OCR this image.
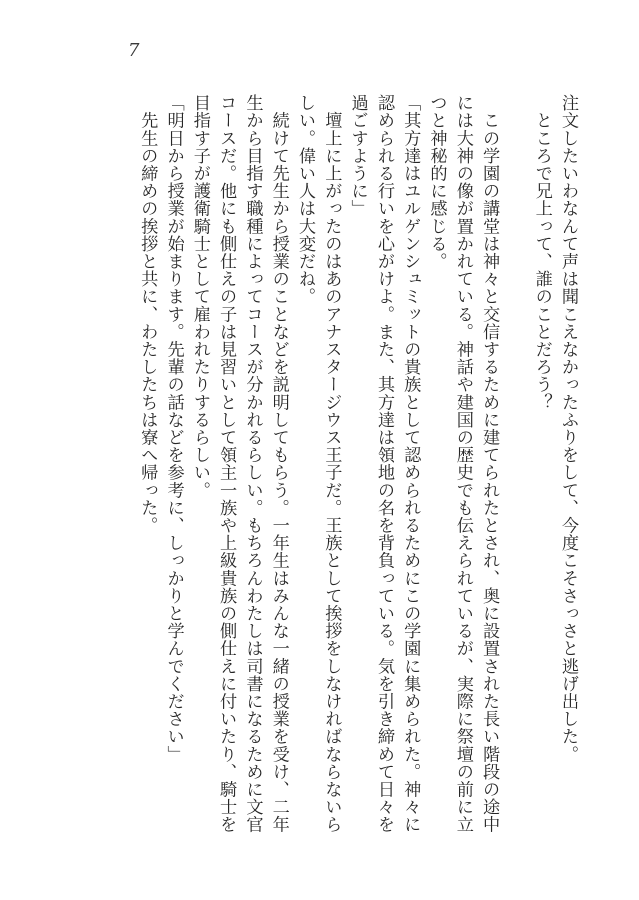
7

注文したいわなんて声は聞こえなかったふりをして、今度こそさっさと逃げ出した。

　ところで兄上って、誰のことだろう？

　この学園の講堂は神々と交信するために建てられたとされ、奥に設置された長い階段の途中

には大神の像が置かれている。神話や建国の歴史でも伝えられているが、実際に祭壇の前に立

つと神秘的に感じる。

「其方達はユルゲンシュミットの貴族として認められるためにこの学園に集められた。神々に

認められる行いを心がけよ。また、其方達は領地の名を背負っている。気を引き締めて日々を

過ごすように」

　壇上に上がったのはあのアナスタージウス王子だ。王族として挨拶をしなければならないら

しい。偉い人は大変だね。

　続けて先生から授業のことなどを説明してもらう。一年生はみんな一緒の授業を受け、二年

生から目指す職種によってコースが分かれるらしい。もちろんわたしは司書になるために文官

コースだ。他にも側仕えの子は見習いとして領主一族や上級貴族の側仕えに付いたり、騎士を

目指す子が護衛騎士として雇われたりするらしい。

「明日から授業が始まります。先輩の話などを参考に、しっかりと学んでください」

　先生の締めの挨拶と共に、わたしたちは寮へ帰った。
